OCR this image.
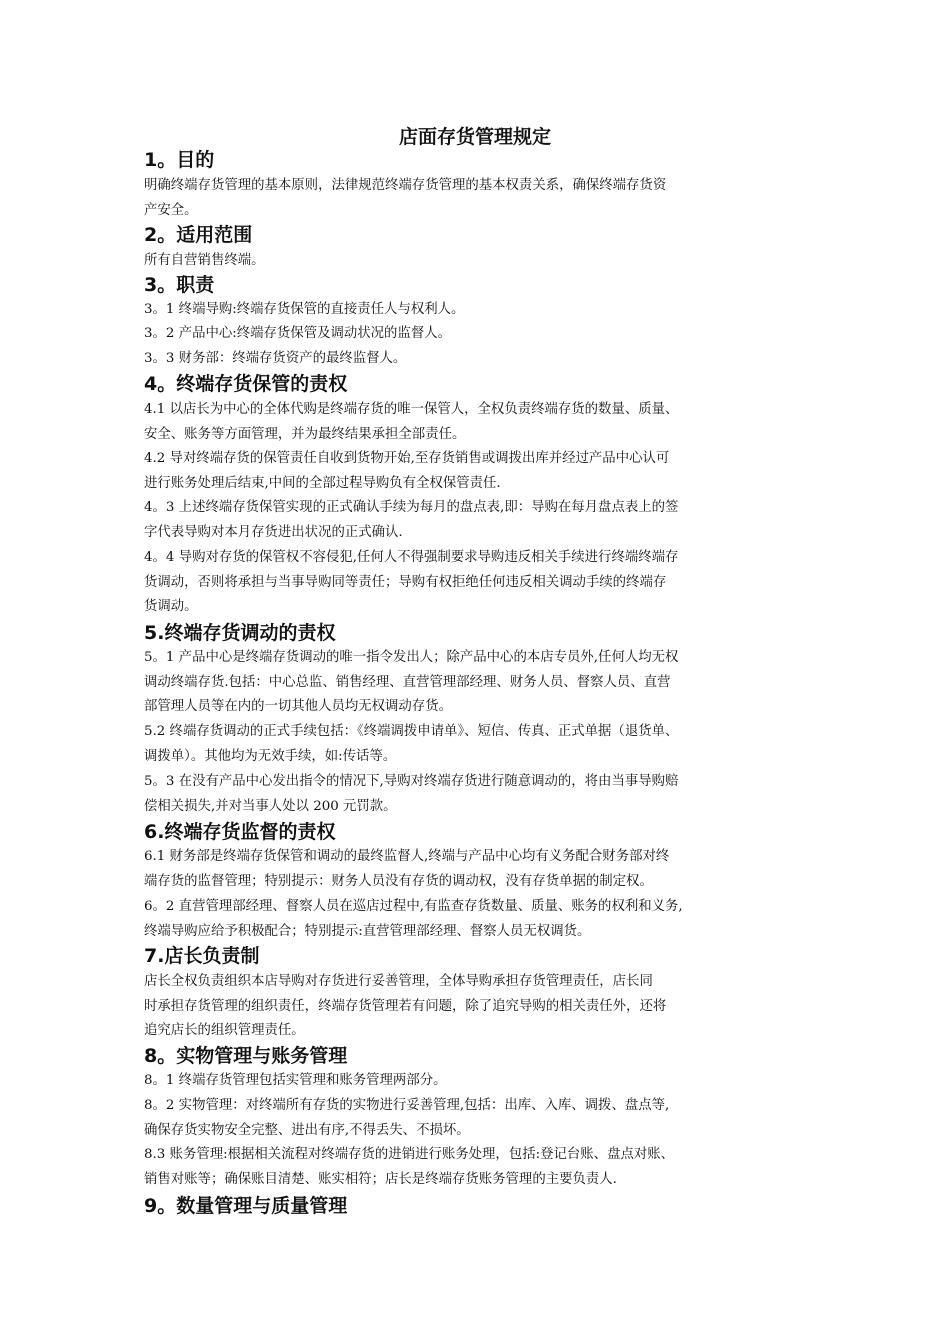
店面存货管理规定
1。目的
明确终端存货管理的基本原则，法律规范终端存货管理的基本权责关系，确保终端存货资
产安全。
2。适用范围
所有自营销售终端。
3。职责
3。1 终端导购:终端存货保管的直接责任人与权利人。
3。2 产品中心:终端存货保管及调动状况的监督人。
3。3 财务部：终端存货资产的最终监督人。
4。终端存货保管的责权
4.1 以店长为中心的全体代购是终端存货的唯一保管人，全权负责终端存货的数量、质量、
安全、账务等方面管理，并为最终结果承担全部责任。
4.2 导对终端存货的保管责任自收到货物开始,至存货销售或调拨出库并经过产品中心认可
进行账务处理后结束,中间的全部过程导购负有全权保管责任.
4。3 上述终端存货保管实现的正式确认手续为每月的盘点表,即：导购在每月盘点表上的签
字代表导购对本月存货进出状况的正式确认.
4。4 导购对存货的保管权不容侵犯,任何人不得强制要求导购违反相关手续进行终端终端存
货调动，否则将承担与当事导购同等责任；导购有权拒绝任何违反相关调动手续的终端存
货调动。
5.终端存货调动的责权
5。1 产品中心是终端存货调动的唯一指令发出人；除产品中心的本店专员外,任何人均无权
调动终端存货.包括：中心总监、销售经理、直营管理部经理、财务人员、督察人员、直营
部管理人员等在内的一切其他人员均无权调动存货。
5.2 终端存货调动的正式手续包括：《终端调拨申请单》、短信、传真、正式单据（退货单、
调拨单）。其他均为无效手续，如:传话等。
5。3 在没有产品中心发出指令的情况下,导购对终端存货进行随意调动的，将由当事导购赔
偿相关损失,并对当事人处以 200 元罚款。
6.终端存货监督的责权
6.1 财务部是终端存货保管和调动的最终监督人,终端与产品中心均有义务配合财务部对终
端存货的监督管理；特别提示：财务人员没有存货的调动权，没有存货单据的制定权。
6。2 直营管理部经理、督察人员在巡店过程中,有监查存货数量、质量、账务的权利和义务,
终端导购应给予积极配合；特别提示:直营管理部经理、督察人员无权调货。
7.店长负责制
店长全权负责组织本店导购对存货进行妥善管理，全体导购承担存货管理责任，店长同
时承担存货管理的组织责任，终端存货管理若有问题，除了追究导购的相关责任外，还将
追究店长的组织管理责任。
8。实物管理与账务管理
8。1 终端存货管理包括实管理和账务管理两部分。
8。2 实物管理：对终端所有存货的实物进行妥善管理,包括：出库、入库、调拨、盘点等,
确保存货实物安全完整、进出有序,不得丢失、不损坏。
8.3 账务管理:根据相关流程对终端存货的进销进行账务处理，包括:登记台账、盘点对账、
销售对账等；确保账目清楚、账实相符；店长是终端存货账务管理的主要负责人.
9。数量管理与质量管理
